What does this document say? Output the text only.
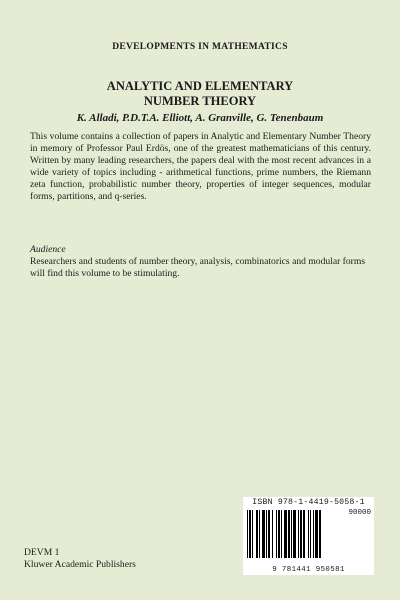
DEVELOPMENTS IN MATHEMATICS
ANALYTIC AND ELEMENTARY
NUMBER THEORY
K. Alladi, P.D.T.A. Elliott, A. Granville, G. Tenenbaum

This volume contains a collection of papers in Analytic and Elementary Number Theory in memory of Professor Paul Erdös, one of the greatest mathematicians of this century. Written by many leading researchers, the papers deal with the most recent advances in a wide variety of topics including - arithmetical functions, prime numbers, the Riemann zeta function, probabilistic number theory, properties of integer sequences, modular forms, partitions, and q-series.

Audience

Researchers and students of number theory, analysis, combinatorics and modular forms will find this volume to be stimulating.

ISBN 978-1-4419-5058-1
90000
9 781441 950581
DEVM 1
Kluwer Academic Publishers
